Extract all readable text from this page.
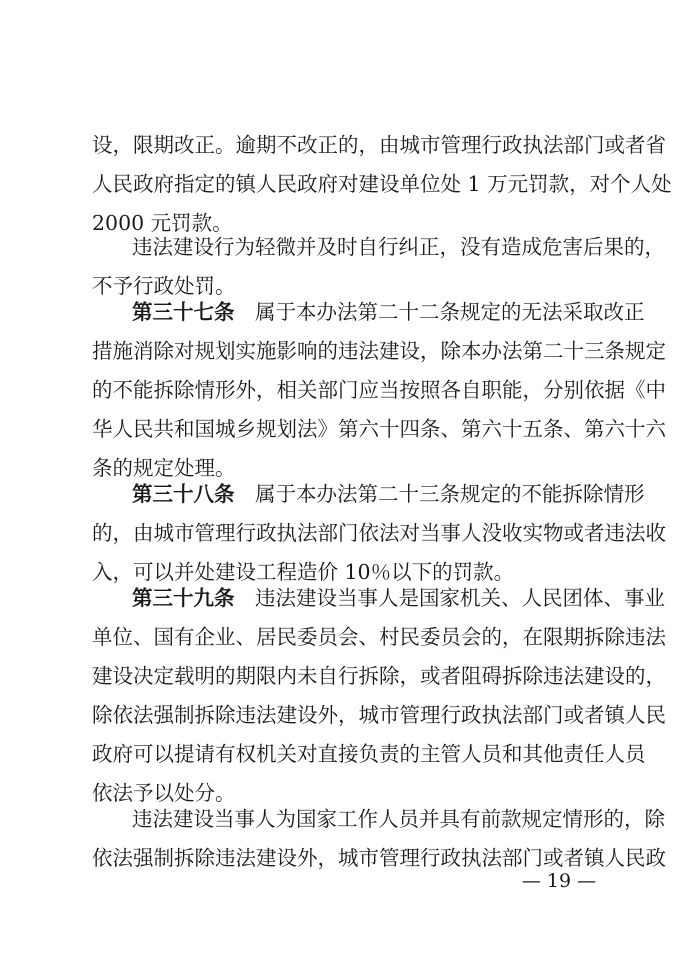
设，限期改正。逾期不改正的，由城市管理行政执法部门或者省
人民政府指定的镇人民政府对建设单位处 1 万元罚款，对个人处
2000 元罚款。
违法建设行为轻微并及时自行纠正，没有造成危害后果的，
不予行政处罚。
第三十七条　 属于本办法第二十二条规定的无法采取改正
措施消除对规划实施影响的违法建设，除本办法第二十三条规定
的不能拆除情形外，相关部门应当按照各自职能，分别依据《中
华人民共和国城乡规划法》第六十四条、第六十五条、第六十六
条的规定处理。
第三十八条　 属于本办法第二十三条规定的不能拆除情形
的，由城市管理行政执法部门依法对当事人没收实物或者违法收
入，可以并处建设工程造价 10％以下的罚款。
第三十九条　 违法建设当事人是国家机关、人民团体、事业
单位、国有企业、居民委员会、村民委员会的，在限期拆除违法
建设决定载明的期限内未自行拆除，或者阻碍拆除违法建设的，
除依法强制拆除违法建设外，城市管理行政执法部门或者镇人民
政府可以提请有权机关对直接负责的主管人员和其他责任人员
依法予以处分。
违法建设当事人为国家工作人员并具有前款规定情形的，除
依法强制拆除违法建设外，城市管理行政执法部门或者镇人民政
— 19 —
